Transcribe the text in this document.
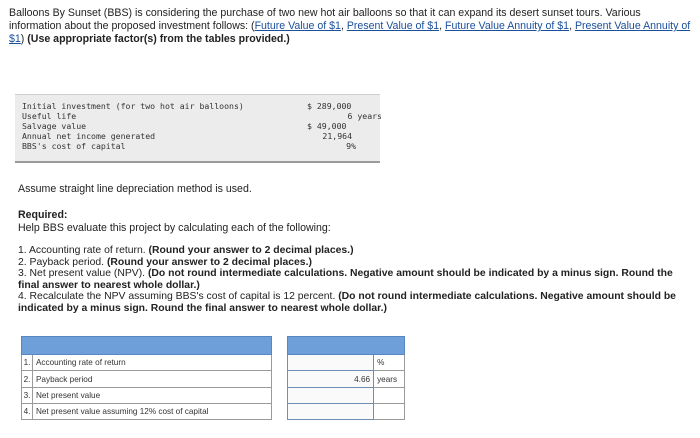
Balloons By Sunset (BBS) is considering the purchase of two new hot air balloons so that it can expand its desert sunset tours. Various information about the proposed investment follows: (Future Value of $1, Present Value of $1, Future Value Annuity of $1, Present Value Annuity of $1) (Use appropriate factor(s) from the tables provided.)
Initial investment (for two hot air balloons)	$ 289,000
Useful life	6 years
Salvage value	$ 49,000
Annual net income generated	21,964
BBS's cost of capital	9%
Assume straight line depreciation method is used.
Required:
Help BBS evaluate this project by calculating each of the following:

1. Accounting rate of return. (Round your answer to 2 decimal places.)

2. Payback period. (Round your answer to 2 decimal places.)

3. Net present value (NPV). (Do not round intermediate calculations. Negative amount should be indicated by a minus sign. Round the final answer to nearest whole dollar.)

4. Recalculate the NPV assuming BBS's cost of capital is 12 percent. (Do not round intermediate calculations. Negative amount should be indicated by a minus sign. Round the final answer to nearest whole dollar.)

1.	Accounting rate of return			%
2.	Payback period		4.66	years
3.	Net present value			
4.	Net present value assuming 12% cost of capital			
